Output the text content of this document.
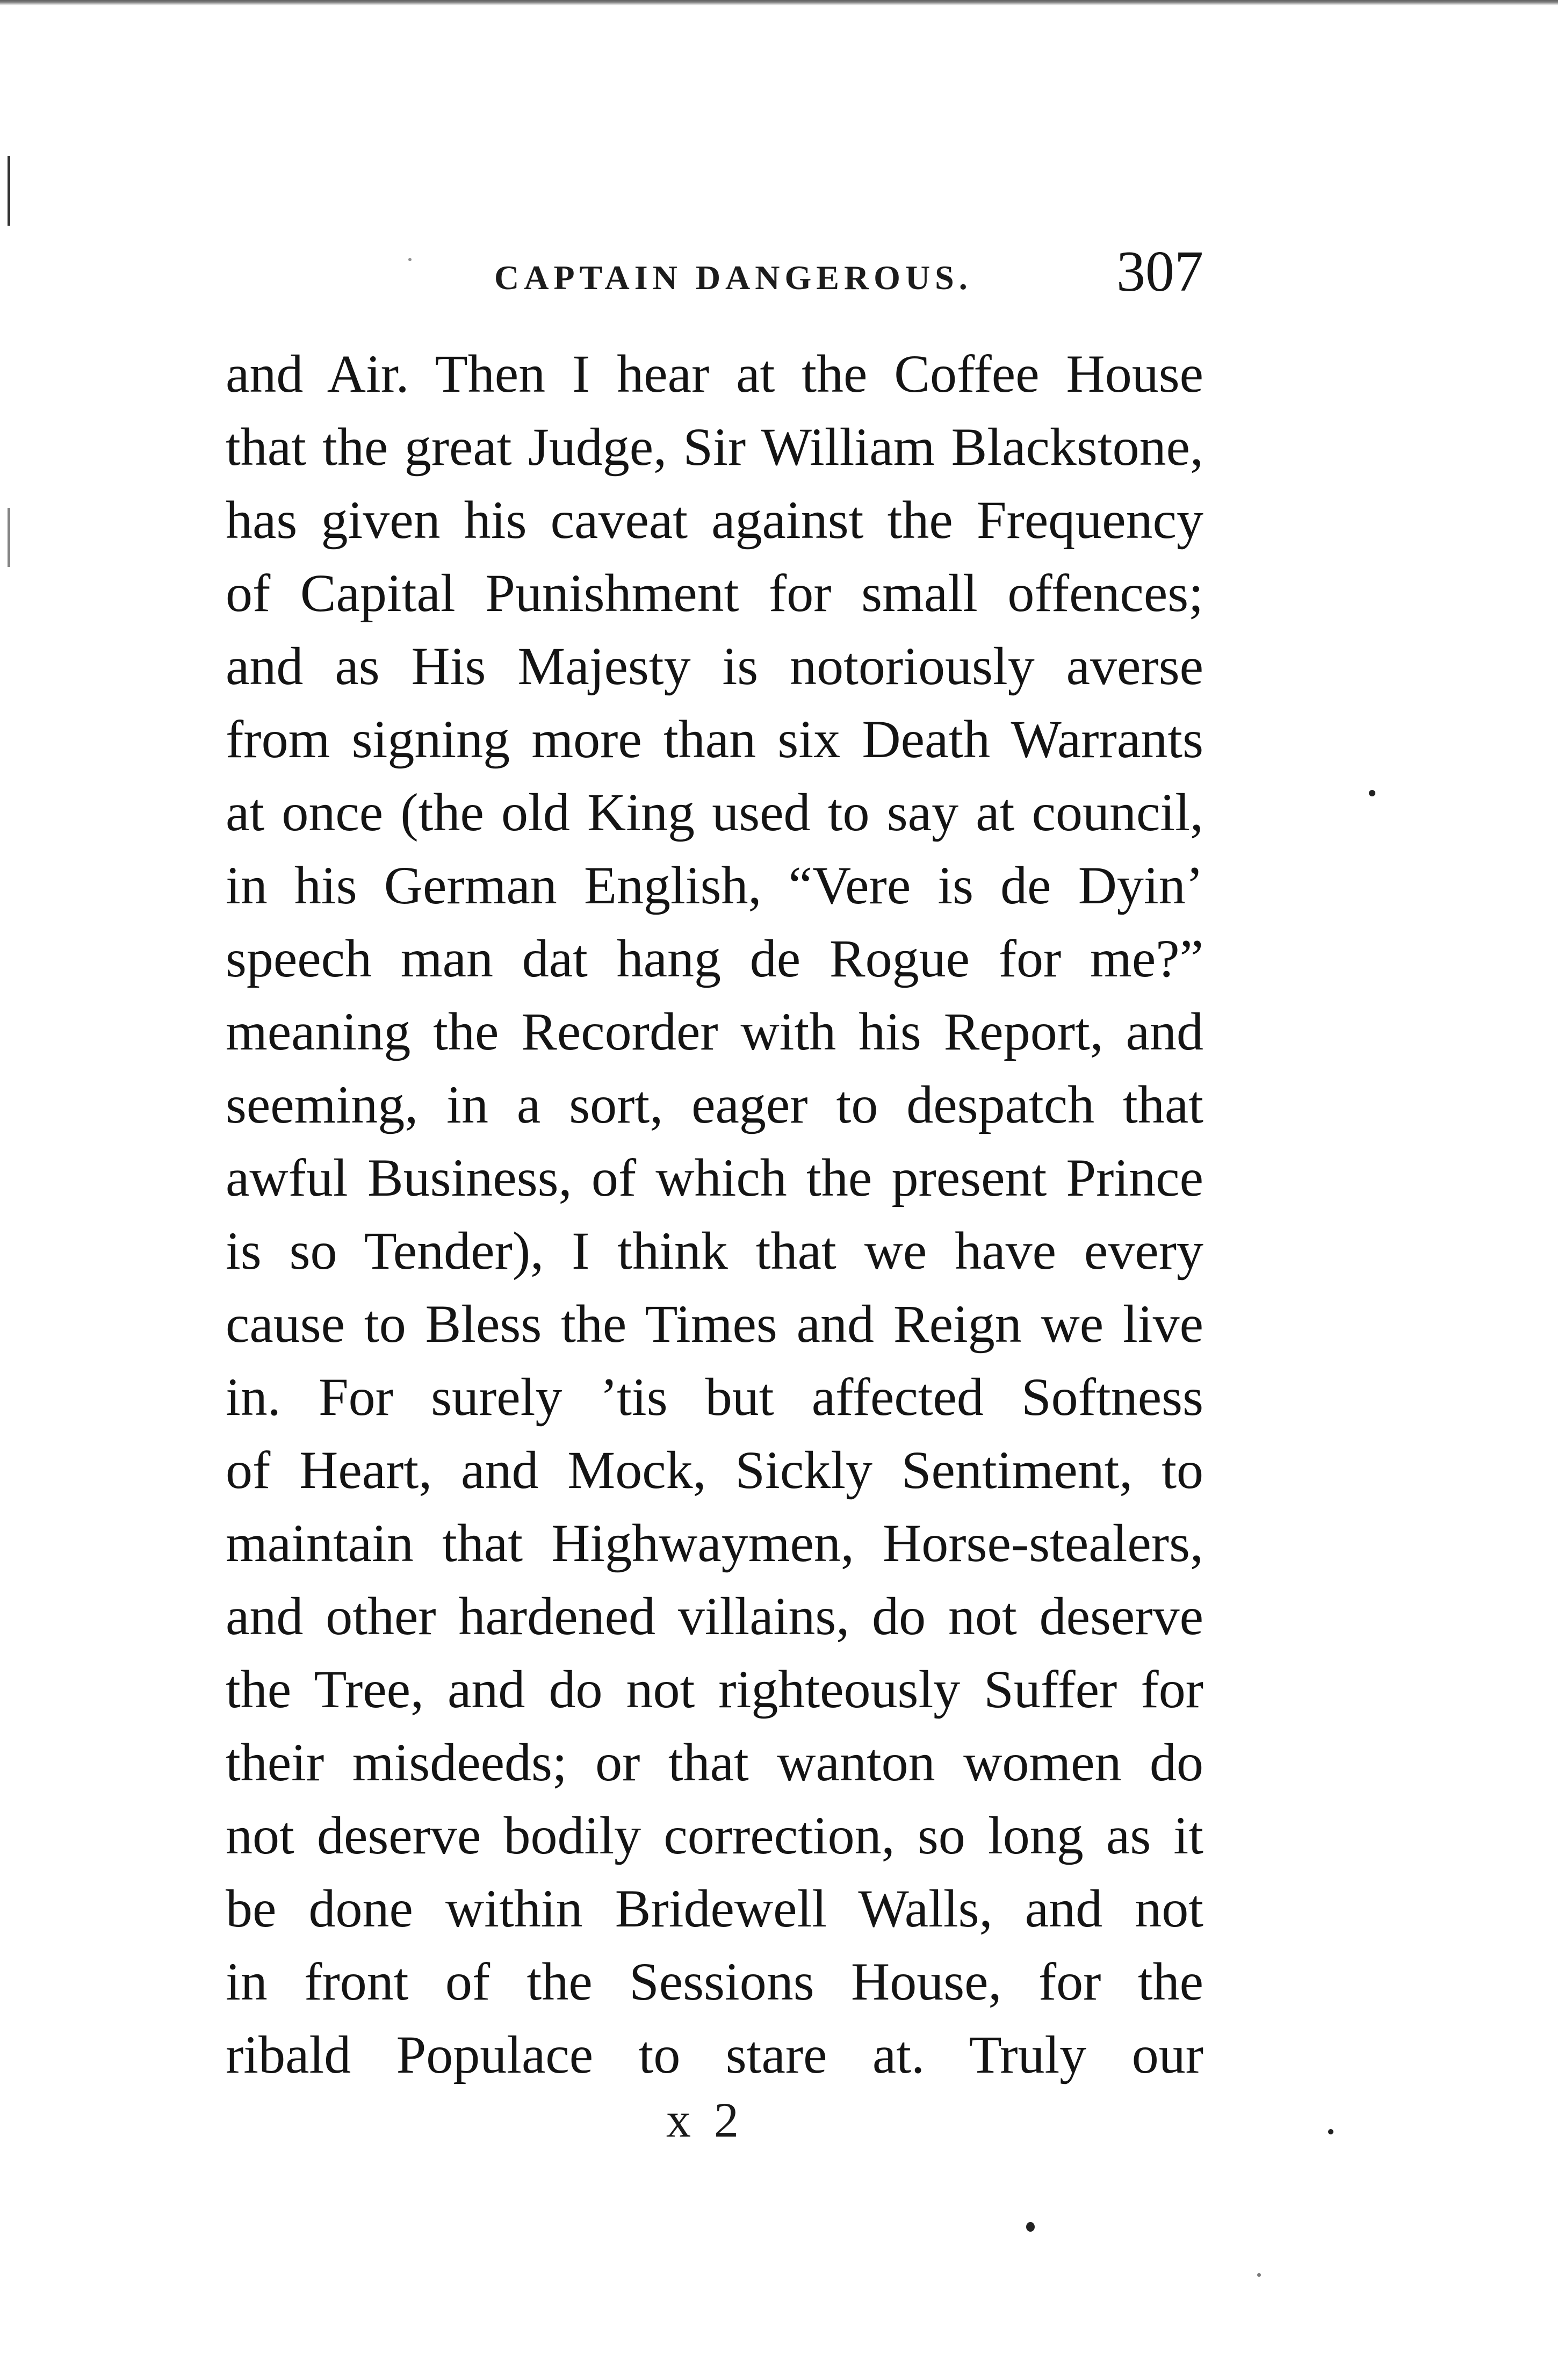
CAPTAIN DANGEROUS. 307
and Air. Then I hear at the Coffee House
that the great Judge, Sir William Blackstone,
has given his caveat against the Frequency
of Capital Punishment for small offences;
and as His Majesty is notoriously averse
from signing more than six Death Warrants
at once (the old King used to say at council,
in his German English, “Vere is de Dyin’
speech man dat hang de Rogue for me?”
meaning the Recorder with his Report, and
seeming, in a sort, eager to despatch that
awful Business, of which the present Prince
is so Tender), I think that we have every
cause to Bless the Times and Reign we live
in. For surely ’tis but affected Softness
of Heart, and Mock, Sickly Sentiment, to
maintain that Highwaymen, Horse-stealers,
and other hardened villains, do not deserve
the Tree, and do not righteously Suffer for
their misdeeds; or that wanton women do
not deserve bodily correction, so long as it
be done within Bridewell Walls, and not
in front of the Sessions House, for the
ribald Populace to stare at. Truly our
x 2
